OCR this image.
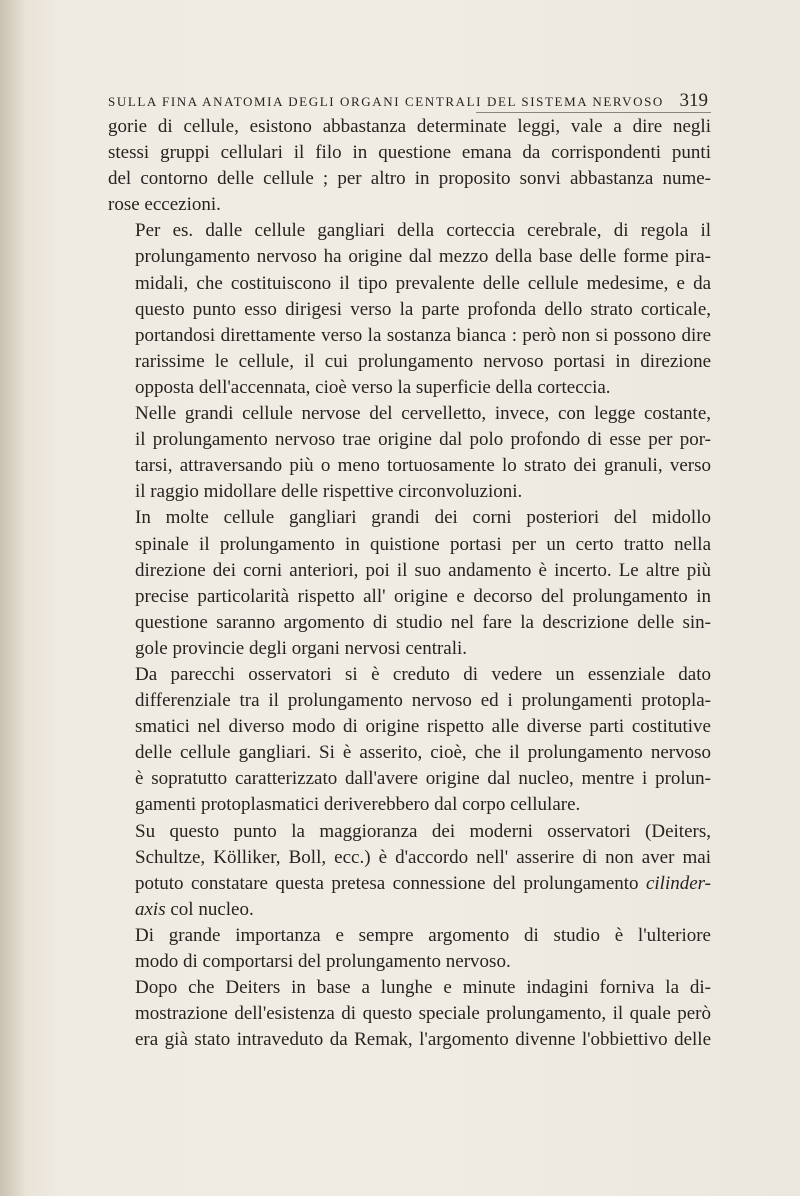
SULLA FINA ANATOMIA DEGLI ORGANI CENTRALI DEL SISTEMA NERVOSO 319

gorie di cellule, esistono abbastanza determinate leggi, vale a dire negli
stessi gruppi cellulari il filo in questione emana da corrispondenti punti
del contorno delle cellule ; per altro in proposito sonvi abbastanza nume-
rose eccezioni.

Per es. dalle cellule gangliari della corteccia cerebrale, di regola il
prolungamento nervoso ha origine dal mezzo della base delle forme pira-
midali, che costituiscono il tipo prevalente delle cellule medesime, e da
questo punto esso dirigesi verso la parte profonda dello strato corticale,
portandosi direttamente verso la sostanza bianca : però non si possono dire
rarissime le cellule, il cui prolungamento nervoso portasi in direzione
opposta dell'accennata, cioè verso la superficie della corteccia.

Nelle grandi cellule nervose del cervelletto, invece, con legge costante,
il prolungamento nervoso trae origine dal polo profondo di esse per por-
tarsi, attraversando più o meno tortuosamente lo strato dei granuli, verso
il raggio midollare delle rispettive circonvoluzioni.

In molte cellule gangliari grandi dei corni posteriori del midollo
spinale il prolungamento in quistione portasi per un certo tratto nella
direzione dei corni anteriori, poi il suo andamento è incerto. Le altre più
precise particolarità rispetto all' origine e decorso del prolungamento in
questione saranno argomento di studio nel fare la descrizione delle sin-
gole provincie degli organi nervosi centrali.

Da parecchi osservatori si è creduto di vedere un essenziale dato
differenziale tra il prolungamento nervoso ed i prolungamenti protopla-
smatici nel diverso modo di origine rispetto alle diverse parti costitutive
delle cellule gangliari. Si è asserito, cioè, che il prolungamento nervoso
è sopratutto caratterizzato dall'avere origine dal nucleo, mentre i prolun-
gamenti protoplasmatici deriverebbero dal corpo cellulare.

Su questo punto la maggioranza dei moderni osservatori (Deiters,
Schultze, Kölliker, Boll, ecc.) è d'accordo nell' asserire di non aver mai
potuto constatare questa pretesa connessione del prolungamento cilinder-
axis col nucleo.

Di grande importanza e sempre argomento di studio è l'ulteriore
modo di comportarsi del prolungamento nervoso.

Dopo che Deiters in base a lunghe e minute indagini forniva la di-
mostrazione dell'esistenza di questo speciale prolungamento, il quale però
era già stato intraveduto da Remak, l'argomento divenne l'obbiettivo delle
